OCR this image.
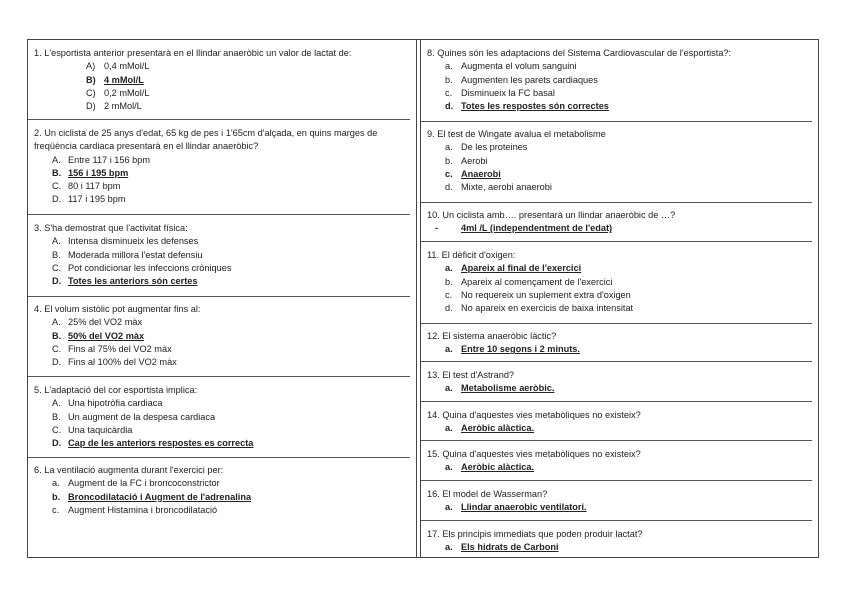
1. L'esportista anterior presentarà en el llindar anaeròbic un valor de lactat de:
A) 0,4 mMol/L
B) 4 mMol/L
C) 0,2 mMol/L
D) 2 mMol/L
2. Un ciclista de 25 anys d'edat, 65 kg de pes i 1'65cm d'alçada, en quins marges de freqüència cardiaca presentarà en el llindar anaeròbic?
A. Entre 117 i 156 bpm
B. 156 i 195 bpm
C. 80 i 117 bpm
D. 117 i 195 bpm
3. S'ha demostrat que l'activitat física:
A. Intensa disminueix les defenses
B. Moderada millora l'estat defensiu
C. Pot condicionar les infeccions cròniques
D. Totes les anteriors són certes
4. El volum sistòlic pot augmentar fins al:
A. 25% del VO2 màx
B. 50% del VO2 màx
C. Fins al 75% del VO2 màx
D. Fins al 100% del VO2 màx
5. L'adaptació del cor esportista implica:
A. Una hipotròfia cardiaca
B. Un augment de la despesa cardiaca
C. Una taquicàrdia
D. Cap de les anteriors respostes es correcta
6. La ventilació augmenta durant l'exercici per:
a. Augment de la FC i broncoconstrictor
b. Broncodilatació i Augment de l'adrenalina
c. Augment Histamina i broncodilatació
8. Quines són les adaptacions del Sistema Cardiovascular de l'esportista?:
a. Augmenta el volum sanguini
b. Augmenten les parets cardiaques
c. Disminueix la FC basal
d. Totes les respostes són correctes
9. El test de Wingate avalua el metabolisme
a. De les proteines
b. Aerobi
c. Anaerobi
d. Mixte, aerobi anaerobi
10. Un ciclista amb…. presentarà un llindar anaeròbic de …?
-	4ml /L (independentment de l'edat)
11. El dèficit d'oxigen:
a. Apareix al final de l'exercici
b. Apareix al començament de l'exercici
c. No requereix un suplement extra d'oxigen
d. No apareix en exercicis de baixa intensitat
12. El sistema anaeròbic làctic?
a. Entre 10 segons i 2 minuts.
13. El test d'Astrand?
a. Metabolisme aeròbic.
14. Quina d'aquestes vies metabòliques no existeix?
a. Aeròbic alàctica.
15. Quina d'aquestes vies metabòliques no existeix?
a. Aeròbic alàctica.
16. El model de Wasserman?
a. Llindar anaerobic ventilatori.
17. Els principis immediats que poden produir lactat?
a. Els hidrats de Carboni
